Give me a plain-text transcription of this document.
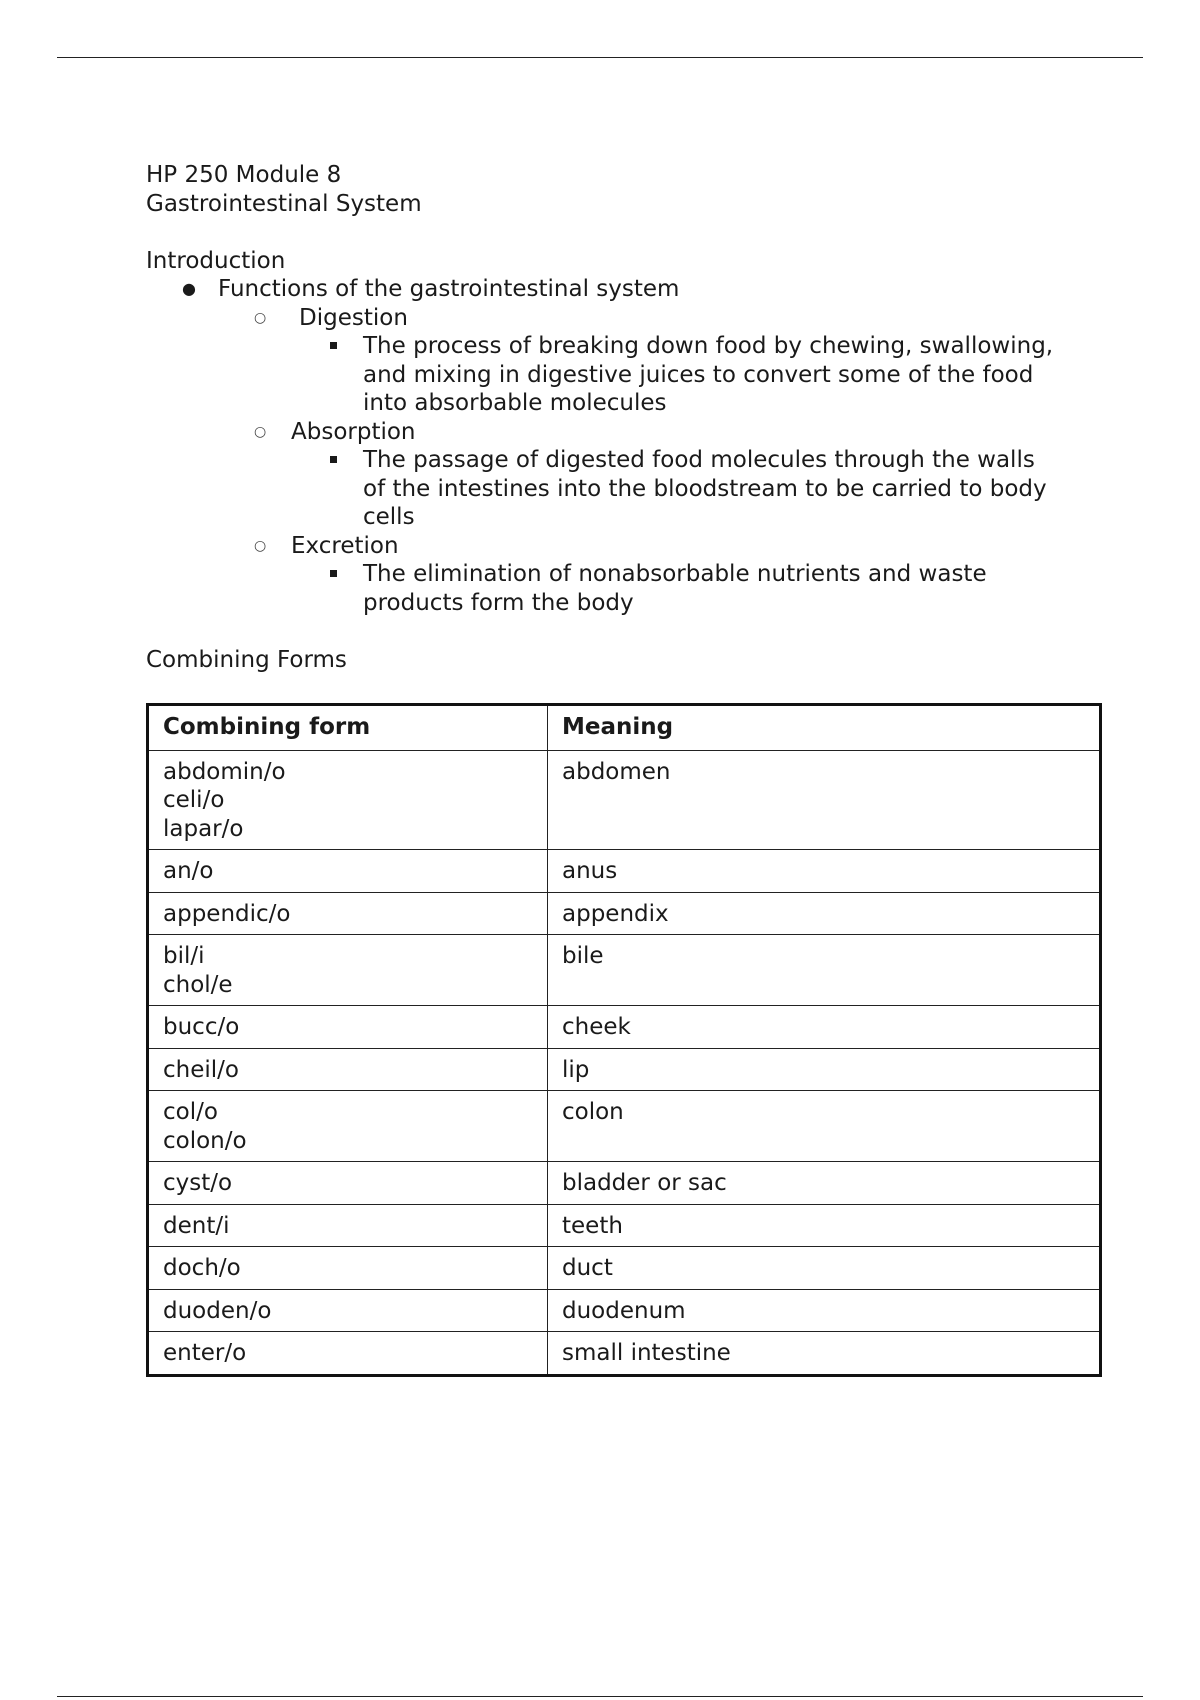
HP 250 Module 8
Gastrointestinal System
Introduction
● Functions of the gastrointestinal system
○ Digestion
The process of breaking down food by chewing, swallowing,
and mixing in digestive juices to convert some of the food
into absorbable molecules
○ Absorption
The passage of digested food molecules through the walls
of the intestines into the bloodstream to be carried to body
cells
○ Excretion
The elimination of nonabsorbable nutrients and waste
products form the body
Combining Forms
Combining form	Meaning

abdomin/o
celi/o
lapar/o	abdomen

an/o	anus

appendic/o	appendix

bil/i
chol/e	bile

bucc/o	cheek

cheil/o	lip

col/o
colon/o	colon

cyst/o	bladder or sac

dent/i	teeth

doch/o	duct

duoden/o	duodenum

enter/o	small intestine
